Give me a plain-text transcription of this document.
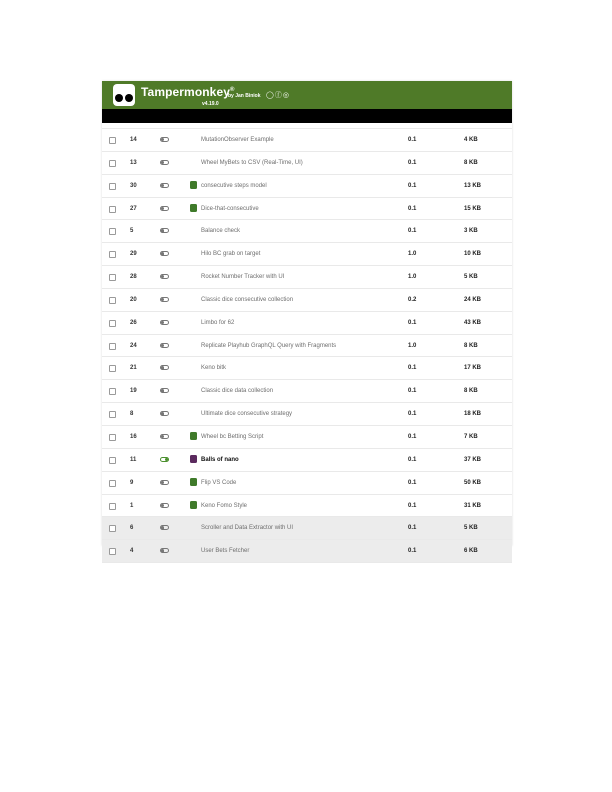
Tampermonkey®
by Jan Biniok ◯ⓕ◎
v4.19.0
14	MutationObserver Example	0.1	4 KB
13	Wheel MyBets to CSV (Real-Time, UI)	0.1	8 KB
30	consecutive steps model	0.1	13 KB
27	Dice-that-consecutive	0.1	15 KB
5	Balance check	0.1	3 KB
29	Hilo BC grab on target	1.0	10 KB
28	Rocket Number Tracker with UI	1.0	5 KB
20	Classic dice consecutive collection	0.2	24 KB
26	Limbo for 62	0.1	43 KB
24	Replicate Playhub GraphQL Query with Fragments	1.0	8 KB
21	Keno bitk	0.1	17 KB
19	Classic dice data collection	0.1	8 KB
8	Ultimate dice consecutive strategy	0.1	18 KB
16	Wheel bc Betting Script	0.1	7 KB
11	Balls of nano	0.1	37 KB
9	Flip VS Code	0.1	50 KB
1	Keno Fomo Style	0.1	31 KB
6	Scroller and Data Extractor with UI	0.1	5 KB
4	User Bets Fetcher	0.1	6 KB
